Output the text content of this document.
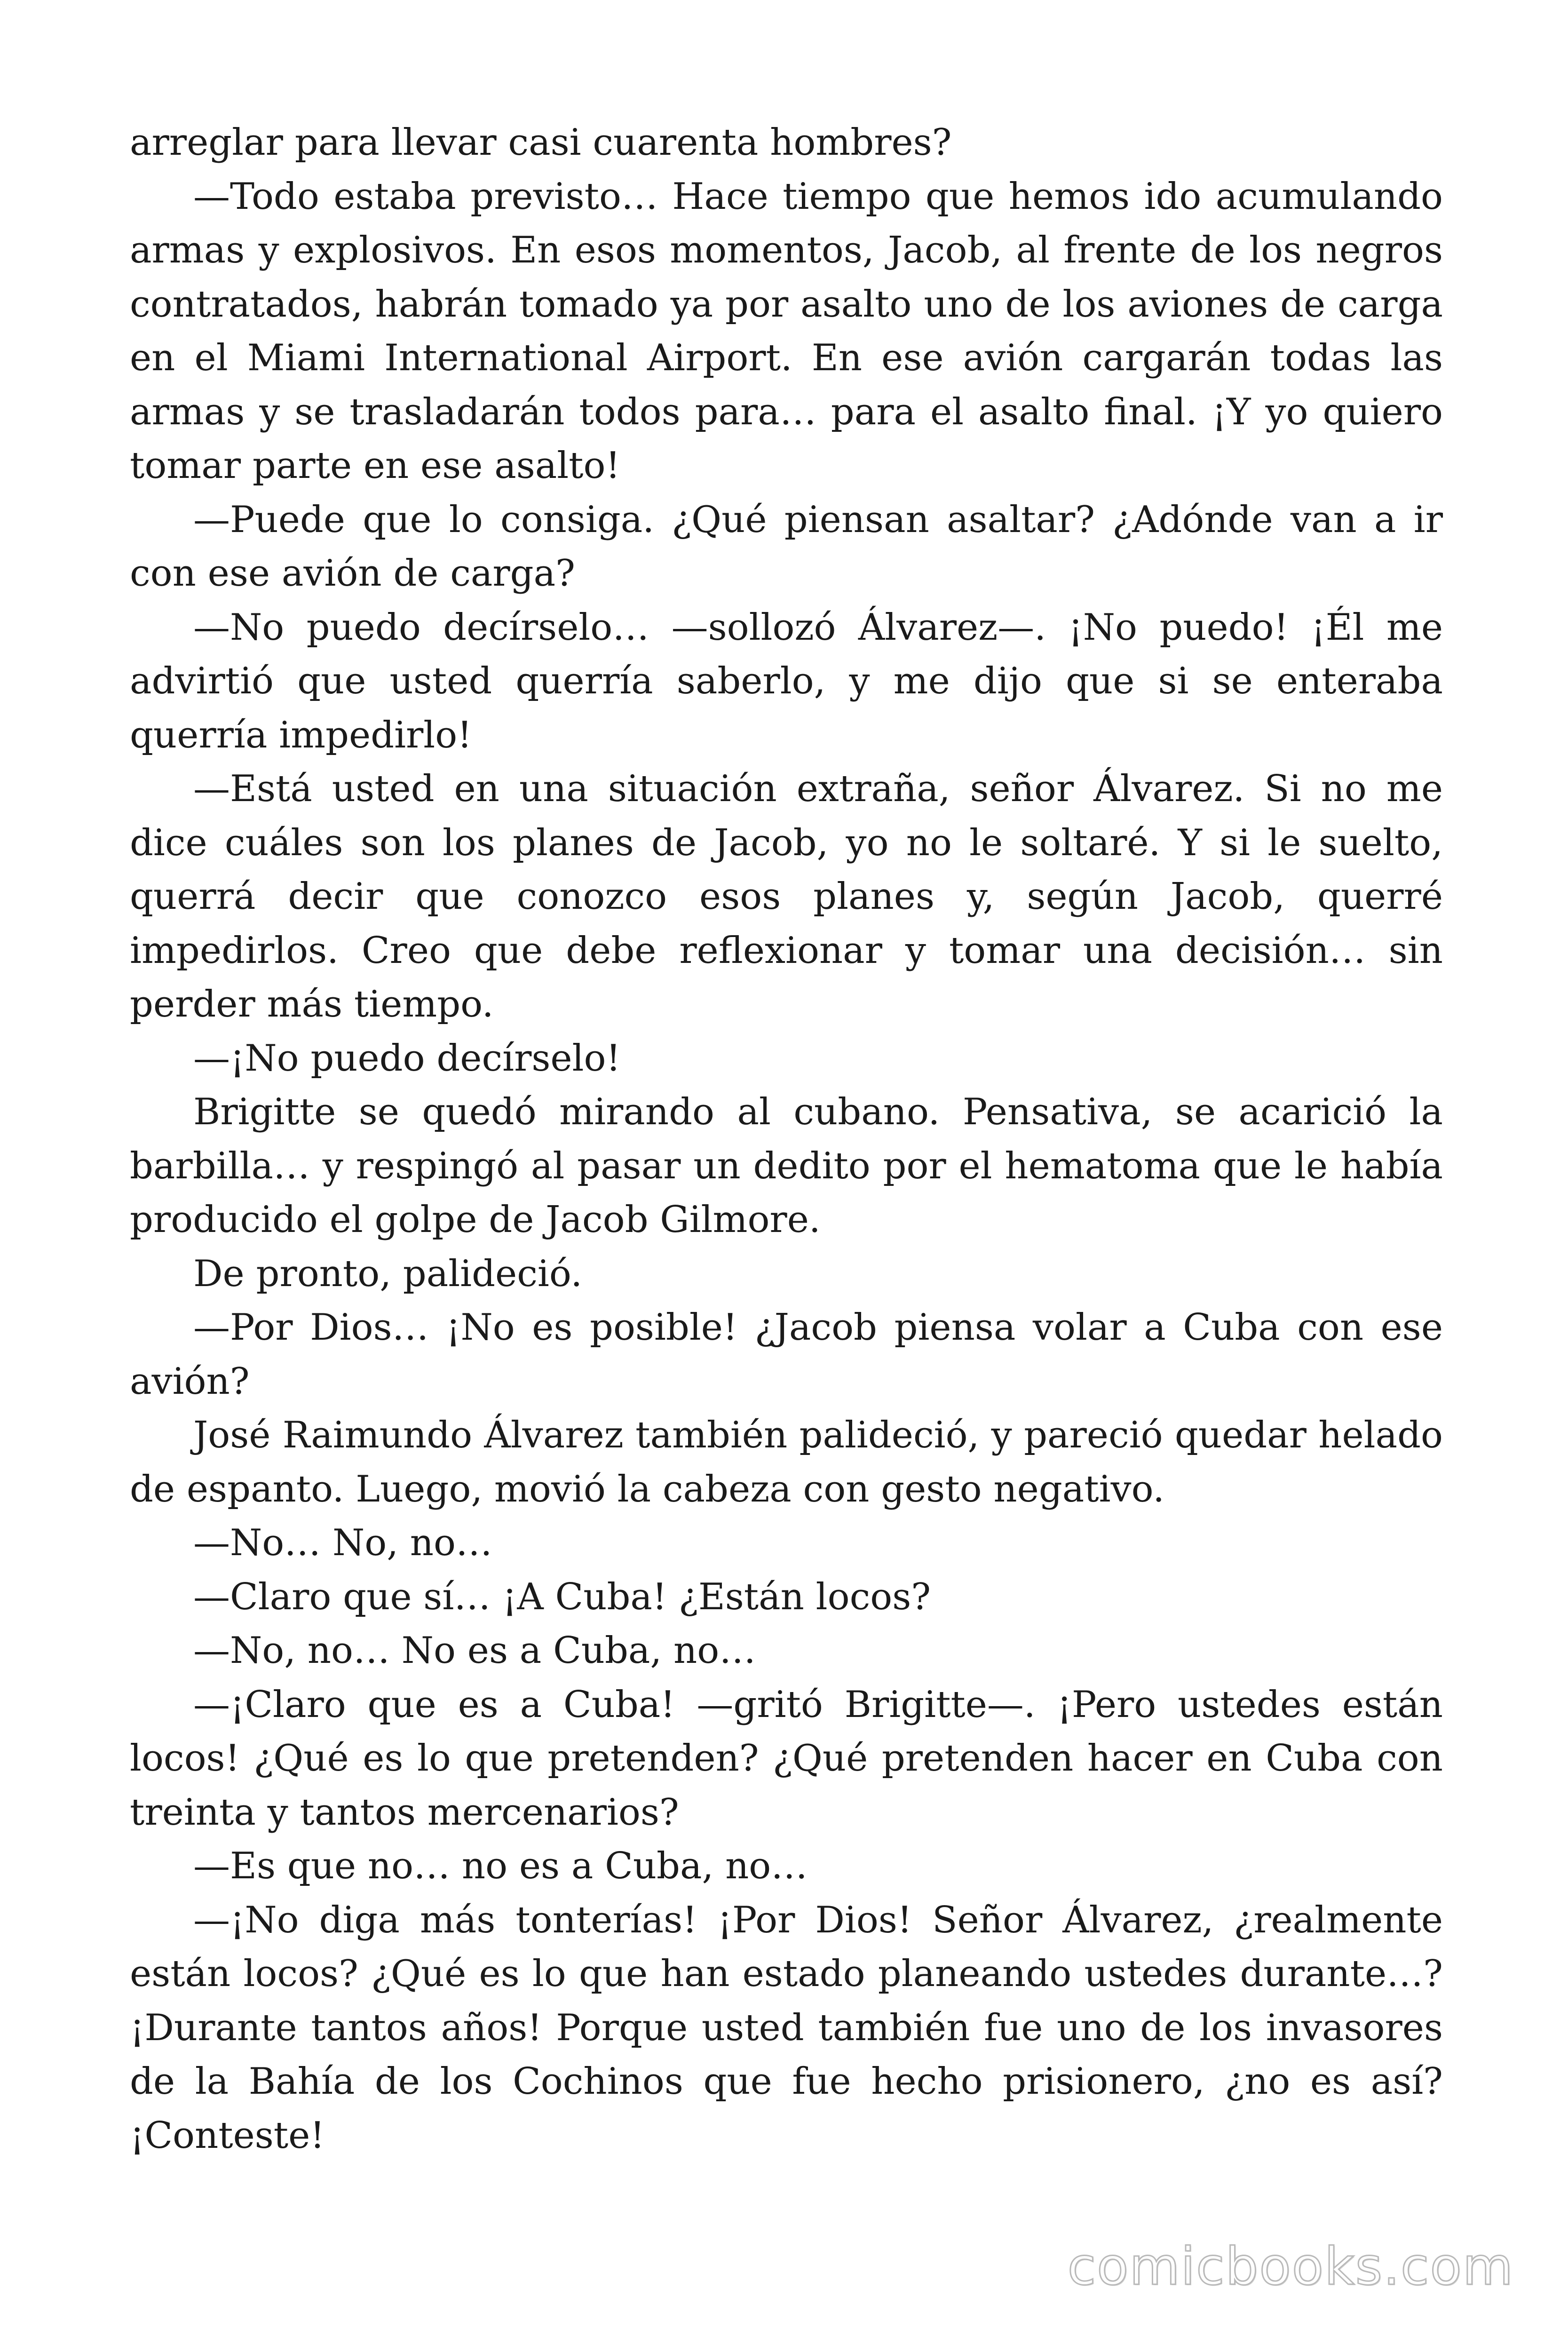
arreglar para llevar casi cuarenta hombres?

—Todo estaba previsto… Hace tiempo que hemos ido acumulando armas y explosivos. En esos momentos, Jacob, al frente de los negros contratados, habrán tomado ya por asalto uno de los aviones de carga en el Miami International Airport. En ese avión cargarán todas las armas y se trasladarán todos para… para el asalto final. ¡Y yo quiero tomar parte en ese asalto!

—Puede que lo consiga. ¿Qué piensan asaltar? ¿Adónde van a ir con ese avión de carga?

—No puedo decírselo… —sollozó Álvarez—. ¡No puedo! ¡Él me advirtió que usted querría saberlo, y me dijo que si se enteraba querría impedirlo!

—Está usted en una situación extraña, señor Álvarez. Si no me dice cuáles son los planes de Jacob, yo no le soltaré. Y si le suelto, querrá decir que conozco esos planes y, según Jacob, querré impedirlos. Creo que debe reflexionar y tomar una decisión… sin perder más tiempo.

—¡No puedo decírselo!

Brigitte se quedó mirando al cubano. Pensativa, se acarició la barbilla… y respingó al pasar un dedito por el hematoma que le había producido el golpe de Jacob Gilmore.

De pronto, palideció.

—Por Dios… ¡No es posible! ¿Jacob piensa volar a Cuba con ese avión?

José Raimundo Álvarez también palideció, y pareció quedar helado de espanto. Luego, movió la cabeza con gesto negativo.

—No… No, no…

—Claro que sí… ¡A Cuba! ¿Están locos?

—No, no… No es a Cuba, no…

—¡Claro que es a Cuba! —gritó Brigitte—. ¡Pero ustedes están locos! ¿Qué es lo que pretenden? ¿Qué pretenden hacer en Cuba con treinta y tantos mercenarios?

—Es que no… no es a Cuba, no…

—¡No diga más tonterías! ¡Por Dios! Señor Álvarez, ¿realmente están locos? ¿Qué es lo que han estado planeando ustedes durante…? ¡Durante tantos años! Porque usted también fue uno de los invasores de la Bahía de los Cochinos que fue hecho prisionero, ¿no es así? ¡Conteste!

comicbooks.com
